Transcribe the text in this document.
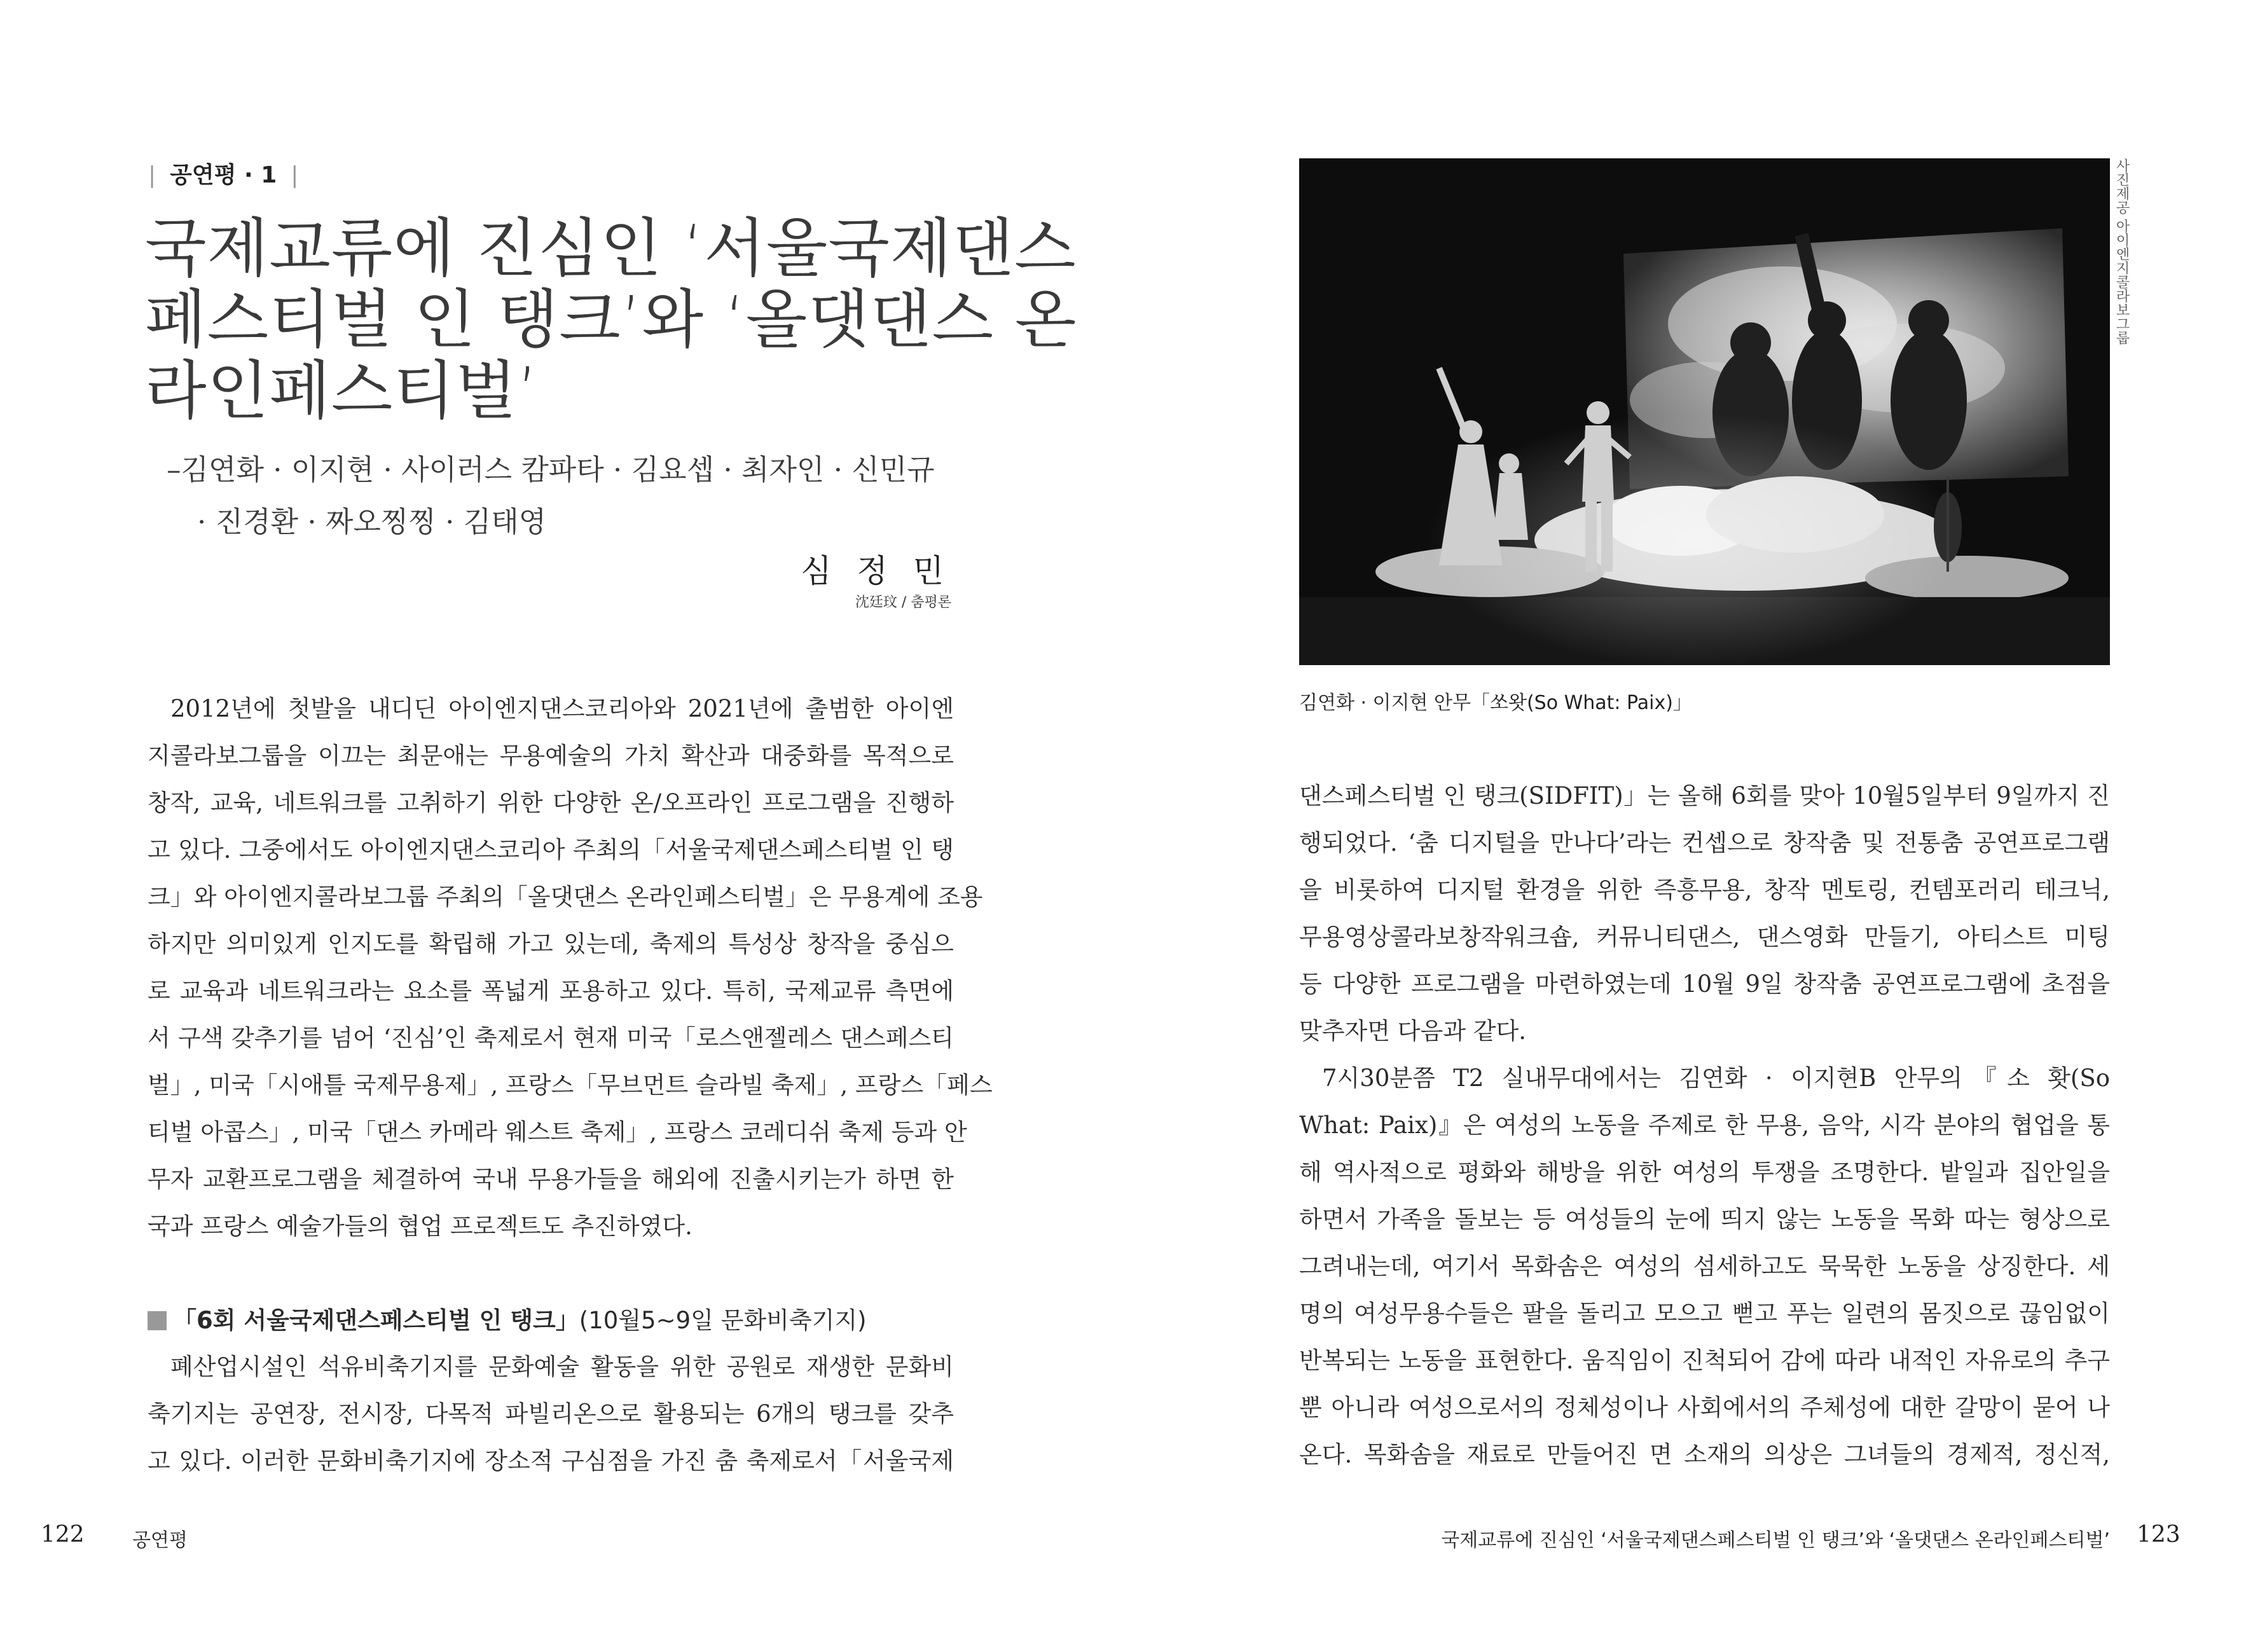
| 공연평 · 1 |
국제교류에 진심인 ‘서울국제댄스
페스티벌 인 탱크’와 ‘올댓댄스 온
라인페스티벌’
–김연화 · 이지현 · 사이러스 캄파타 · 김요셉 · 최자인 · 신민규
· 진경환 · 짜오찡찡 · 김태영
심 정 민
沈廷玟 / 춤평론
2012년에 첫발을 내디딘 아이엔지댄스코리아와 2021년에 출범한 아이엔
지콜라보그룹을 이끄는 최문애는 무용예술의 가치 확산과 대중화를 목적으로
창작, 교육, 네트워크를 고취하기 위한 다양한 온/오프라인 프로그램을 진행하
고 있다. 그중에서도 아이엔지댄스코리아 주최의「서울국제댄스페스티벌 인 탱
크」와 아이엔지콜라보그룹 주최의「올댓댄스 온라인페스티벌」은 무용계에 조용
하지만 의미있게 인지도를 확립해 가고 있는데, 축제의 특성상 창작을 중심으
로 교육과 네트워크라는 요소를 폭넓게 포용하고 있다. 특히, 국제교류 측면에
서 구색 갖추기를 넘어 ‘진심’인 축제로서 현재 미국「로스앤젤레스 댄스페스티
벌」, 미국「시애틀 국제무용제」, 프랑스「무브먼트 슬라빌 축제」, 프랑스「페스
티벌 아콥스」, 미국「댄스 카메라 웨스트 축제」, 프랑스 코레디쉬 축제 등과 안
무자 교환프로그램을 체결하여 국내 무용가들을 해외에 진출시키는가 하면 한
국과 프랑스 예술가들의 협업 프로젝트도 추진하였다.
「6회 서울국제댄스페스티벌 인 탱크」(10월5~9일 문화비축기지)
폐산업시설인 석유비축기지를 문화예술 활동을 위한 공원로 재생한 문화비
축기지는 공연장, 전시장, 다목적 파빌리온으로 활용되는 6개의 탱크를 갖추
고 있다. 이러한 문화비축기지에 장소적 구심점을 가진 춤 축제로서「서울국제
사진제공 아이엔지콜라보그룹
김연화 · 이지현 안무「쏘왓(So What: Paix)」
댄스페스티벌 인 탱크(SIDFIT)」는 올해 6회를 맞아 10월5일부터 9일까지 진
행되었다. ‘춤 디지털을 만나다’라는 컨셉으로 창작춤 및 전통춤 공연프로그램
을 비롯하여 디지털 환경을 위한 즉흥무용, 창작 멘토링, 컨템포러리 테크닉,
무용영상콜라보창작워크숍, 커뮤니티댄스, 댄스영화 만들기, 아티스트 미팅
등 다양한 프로그램을 마련하였는데 10월 9일 창작춤 공연프로그램에 초점을
맞추자면 다음과 같다.
7시30분쯤 T2 실내무대에서는 김연화 · 이지현B 안무의『소 홧(So
What: Paix)』은 여성의 노동을 주제로 한 무용, 음악, 시각 분야의 협업을 통
해 역사적으로 평화와 해방을 위한 여성의 투쟁을 조명한다. 밭일과 집안일을
하면서 가족을 돌보는 등 여성들의 눈에 띄지 않는 노동을 목화 따는 형상으로
그려내는데, 여기서 목화솜은 여성의 섬세하고도 묵묵한 노동을 상징한다. 세
명의 여성무용수들은 팔을 돌리고 모으고 뻗고 푸는 일련의 몸짓으로 끊임없이
반복되는 노동을 표현한다. 움직임이 진척되어 감에 따라 내적인 자유로의 추구
뿐 아니라 여성으로서의 정체성이나 사회에서의 주체성에 대한 갈망이 묻어 나
온다. 목화솜을 재료로 만들어진 면 소재의 의상은 그녀들의 경제적, 정신적,
122	공연평	국제교류에 진심인 ‘서울국제댄스페스티벌 인 탱크’와 ‘올댓댄스 온라인페스티벌’ 123
